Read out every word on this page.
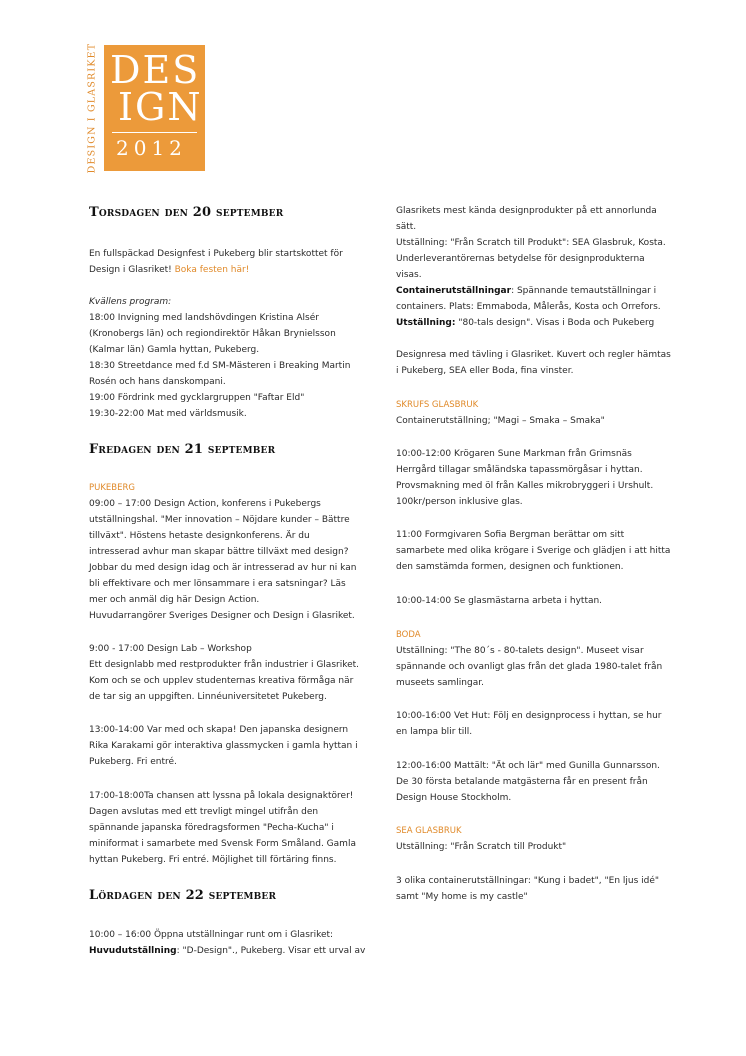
DESIGN I GLASRIKET DES
IGN
2012
Torsdagen den 20 september
En fullspäckad Designfest i Pukeberg blir startskottet för
Design i Glasriket! Boka festen här!
Kvällens program:
18:00 Invigning med landshövdingen Kristina Alsér
(Kronobergs län) och regiondirektör Håkan Brynielsson
(Kalmar län) Gamla hyttan, Pukeberg.
18:30 Streetdance med f.d SM-Mästeren i Breaking Martin
Rosén och hans danskompani.
19:00 Fördrink med gycklargruppen "Faftar Eld"
19:30-22:00 Mat med världsmusik.
Fredagen den 21 september
PUKEBERG
09:00 – 17:00 Design Action, konferens i Pukebergs
utställningshal. "Mer innovation – Nöjdare kunder – Bättre
tillväxt". Höstens hetaste designkonferens. Är du
intresserad avhur man skapar bättre tillväxt med design?
Jobbar du med design idag och är intresserad av hur ni kan
bli effektivare och mer lönsammare i era satsningar? Läs
mer och anmäl dig här Design Action.
Huvudarrangörer Sveriges Designer och Design i Glasriket.
9:00 - 17:00 Design Lab – Workshop
Ett designlabb med restprodukter från industrier i Glasriket.
Kom och se och upplev studenternas kreativa förmåga när
de tar sig an uppgiften. Linnéuniversitetet Pukeberg.
13:00-14:00 Var med och skapa! Den japanska designern
Rika Karakami gör interaktiva glassmycken i gamla hyttan i
Pukeberg. Fri entré.
17:00-18:00Ta chansen att lyssna på lokala designaktörer!
Dagen avslutas med ett trevligt mingel utifrån den
spännande japanska föredragsformen "Pecha-Kucha" i
miniformat i samarbete med Svensk Form Småland. Gamla
hyttan Pukeberg. Fri entré. Möjlighet till förtäring finns.
Lördagen den 22 september
10:00 – 16:00 Öppna utställningar runt om i Glasriket:
Huvudutställning: "D-Design"., Pukeberg. Visar ett urval av
Glasrikets mest kända designprodukter på ett annorlunda
sätt.
Utställning: "Från Scratch till Produkt": SEA Glasbruk, Kosta.
Underleverantörernas betydelse för designprodukterna
visas.
Containerutställningar: Spännande temautställningar i
containers. Plats: Emmaboda, Målerås, Kosta och Orrefors.
Utställning: "80-tals design". Visas i Boda och Pukeberg
Designresa med tävling i Glasriket. Kuvert och regler hämtas
i Pukeberg, SEA eller Boda, fina vinster.
SKRUFS GLASBRUK
Containerutställning; "Magi – Smaka – Smaka"
10:00-12:00 Krögaren Sune Markman från Grimsnäs
Herrgård tillagar småländska tapassmörgåsar i hyttan.
Provsmakning med öl från Kalles mikrobryggeri i Urshult.
100kr/person inklusive glas.
11:00 Formgivaren Sofia Bergman berättar om sitt
samarbete med olika krögare i Sverige och glädjen i att hitta
den samstämda formen, designen och funktionen.
10:00-14:00 Se glasmästarna arbeta i hyttan.
BODA
Utställning: "The 80´s - 80-talets design". Museet visar
spännande och ovanligt glas från det glada 1980-talet från
museets samlingar.
10:00-16:00 Vet Hut: Följ en designprocess i hyttan, se hur
en lampa blir till.
12:00-16:00 Mattält: "Ät och lär" med Gunilla Gunnarsson.
De 30 första betalande matgästerna får en present från
Design House Stockholm.
SEA GLASBRUK
Utställning: "Från Scratch till Produkt"
3 olika containerutställningar: "Kung i badet", "En ljus idé"
samt "My home is my castle"
